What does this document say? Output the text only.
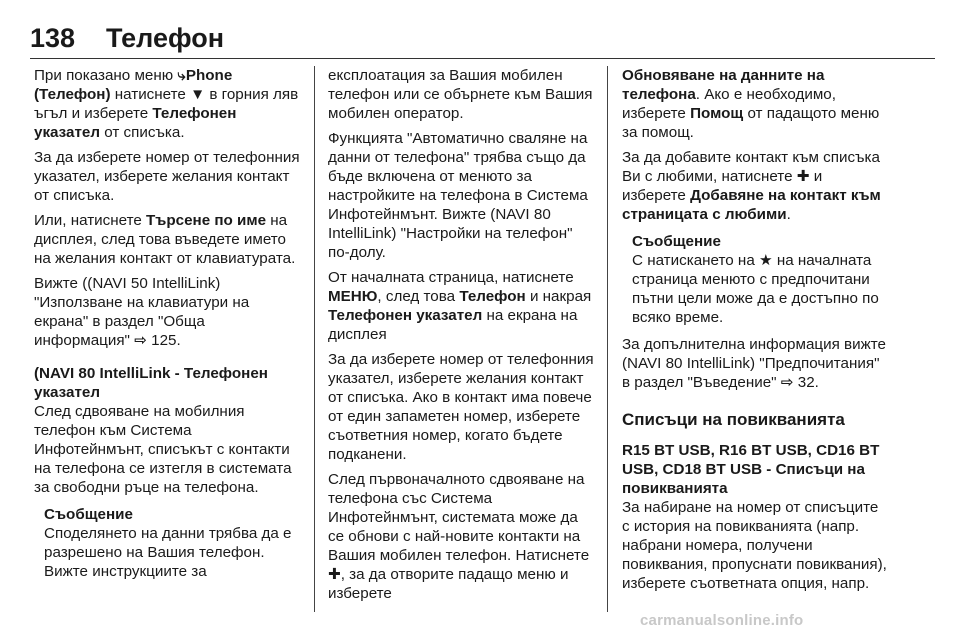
138	Телефон

При показано меню ⤷Phone (Телефон) натиснете ▼ в горния ляв ъгъл и изберете Телефонен указател от списъка.

За да изберете номер от телефонния указател, изберете желания контакт от списъка.

Или, натиснете Търсене по име на дисплея, след това въведете името на желания контакт от клавиатурата.

Вижте ((NAVI 50 IntelliLink) "Използване на клавиатури на екрана" в раздел "Обща информация" ⇨ 125.

(NAVI 80 IntelliLink - Телефонен указател

След сдвояване на мобилния телефон към Система Инфотейнмънт, списъкът с контакти на телефона се изтегля в системата за свободни ръце на телефона.

Съобщение
Споделянето на данни трябва да е разрешено на Вашия телефон. Вижте инструкциите за

експлоатация за Вашия мобилен телефон или се обърнете към Вашия мобилен оператор.

Функцията "Автоматично сваляне на данни от телефона" трябва също да бъде включена от менюто за настройките на телефона в Система Инфотейнмънт. Вижте (NAVI 80 IntelliLink) "Настройки на телефон" по-долу.

От началната страница, натиснете МЕНЮ, след това Телефон и накрая Телефонен указател на екрана на дисплея

За да изберете номер от телефонния указател, изберете желания контакт от списъка. Ако в контакт има повече от един запаметен номер, изберете съответния номер, когато бъдете подканени.

След първоначалното сдвояване на телефона със Система Инфотейнмънт, системата може да се обнови с най-новите контакти на Вашия мобилен телефон. Натиснете ✚, за да отворите падащо меню и изберете

Обновяване на данните на телефона. Ако е необходимо, изберете Помощ от падащото меню за помощ.

За да добавите контакт към списъка Ви с любими, натиснете ✚ и изберете Добавяне на контакт към страницата с любими.

Съобщение
С натискането на ★ на началната страница менюто с предпочитани пътни цели може да е достъпно по всяко време.

За допълнителна информация вижте (NAVI 80 IntelliLink) "Предпочитания" в раздел "Въведение" ⇨ 32.

Списъци на повикванията

R15 BT USB, R16 BT USB, CD16 BT USB, CD18 BT USB - Списъци на повикванията

За набиране на номер от списъците с история на повикванията (напр. набрани номера, получени повиквания, пропуснати повиквания), изберете съответната опция, напр.

carmanualsonline.info
